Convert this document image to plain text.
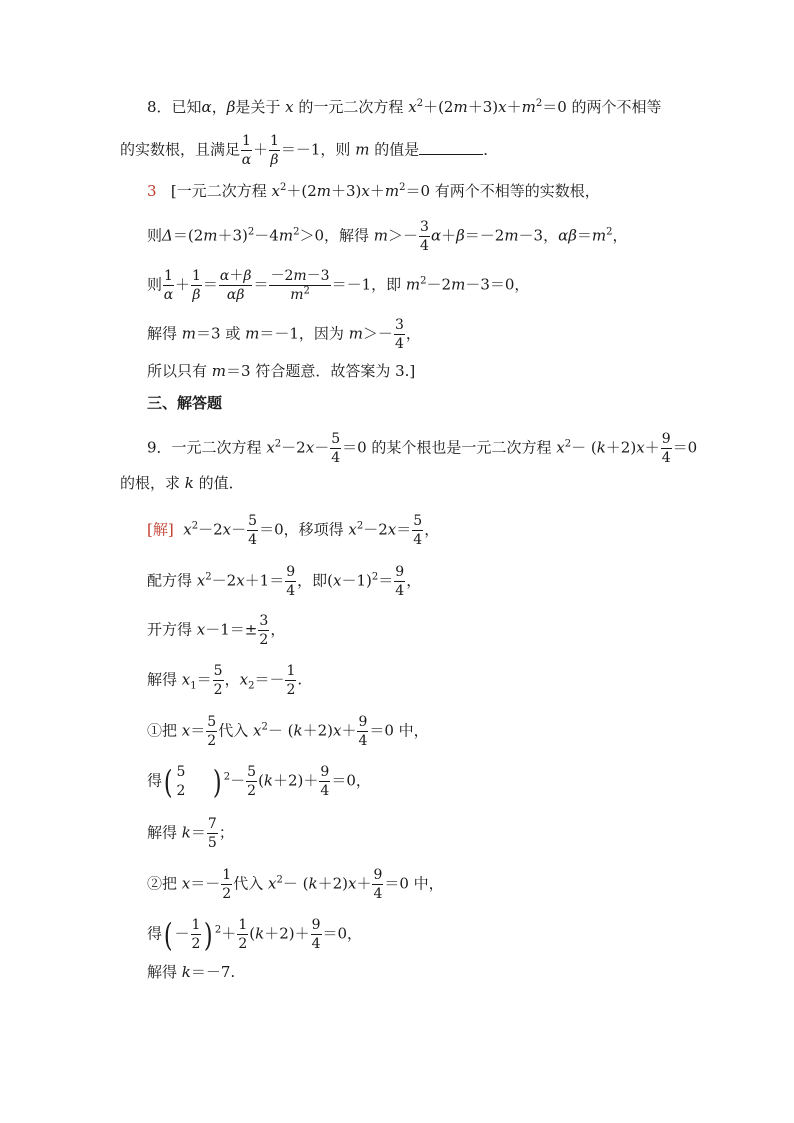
8．已知α，β是关于 x 的一元二次方程 $x^2+(2m+3)x+m^2=0$ 的两个不相等
的实数根，且满足 $\frac{1}{\alpha} + \frac{1}{\beta} =-1$，则 m 的值是	．
3 [一元二次方程 $x^2+(2m+3)x+m^2=0$ 有两个不相等的实数根，
则$\Delta=(2m+3)^2-4m^2>0$，解得 $m>- \frac{3}{4} \alpha+\beta=-2m-3$，$\alpha\beta=m^2$，
则 $\frac{1}{\alpha} + \frac{1}{\beta} = \frac{\alpha+\beta}{\alpha\beta} = \frac{-2m-3}{m^2} =-1$，即 $m^2-2m-3=0$，
解得 m＝3 或 m＝－1，因为 $m>- \frac{3}{4}$ ，
所以只有 m＝3 符合题意．故答案为 3.]
三、解答题
9．一元二次方程 $x^2-2x- \frac{5}{4} =0$ 的某个根也是一元二次方程 $x^2- (k+2)x+ \frac{9}{4} =0$
的根，求 k 的值．
[解] $x^2-2x- \frac{5}{4} =0$，移项得 $x^2-2x= \frac{5}{4}$ ，
配方得 $x^2-2x+1= \frac{9}{4}$ ，即$(x-1)^2= \frac{9}{4}$ ，
开方得 $x-1=\pm \frac{3}{2}$ ，
解得 $x_1= \frac{5}{2}$ ，$x_2=- \frac{1}{2}$ .
①把 $x= \frac{5}{2}$ 代入 $x^2- (k+2)x+ \frac{9}{4} =0$ 中，
得( 5
2 ) $^2- \frac{5}{2} (k+2)+ \frac{9}{4} =0$，
解得 $k= \frac{7}{5}$ ；
②把 $x=- \frac{1}{2}$ 代入 $x^2- (k+2)x+ \frac{9}{4} =0$ 中，
得( － $\frac{1}{2}$ ) $^2+ \frac{1}{2} (k+2)+ \frac{9}{4} =0$，
解得 k＝－7.
